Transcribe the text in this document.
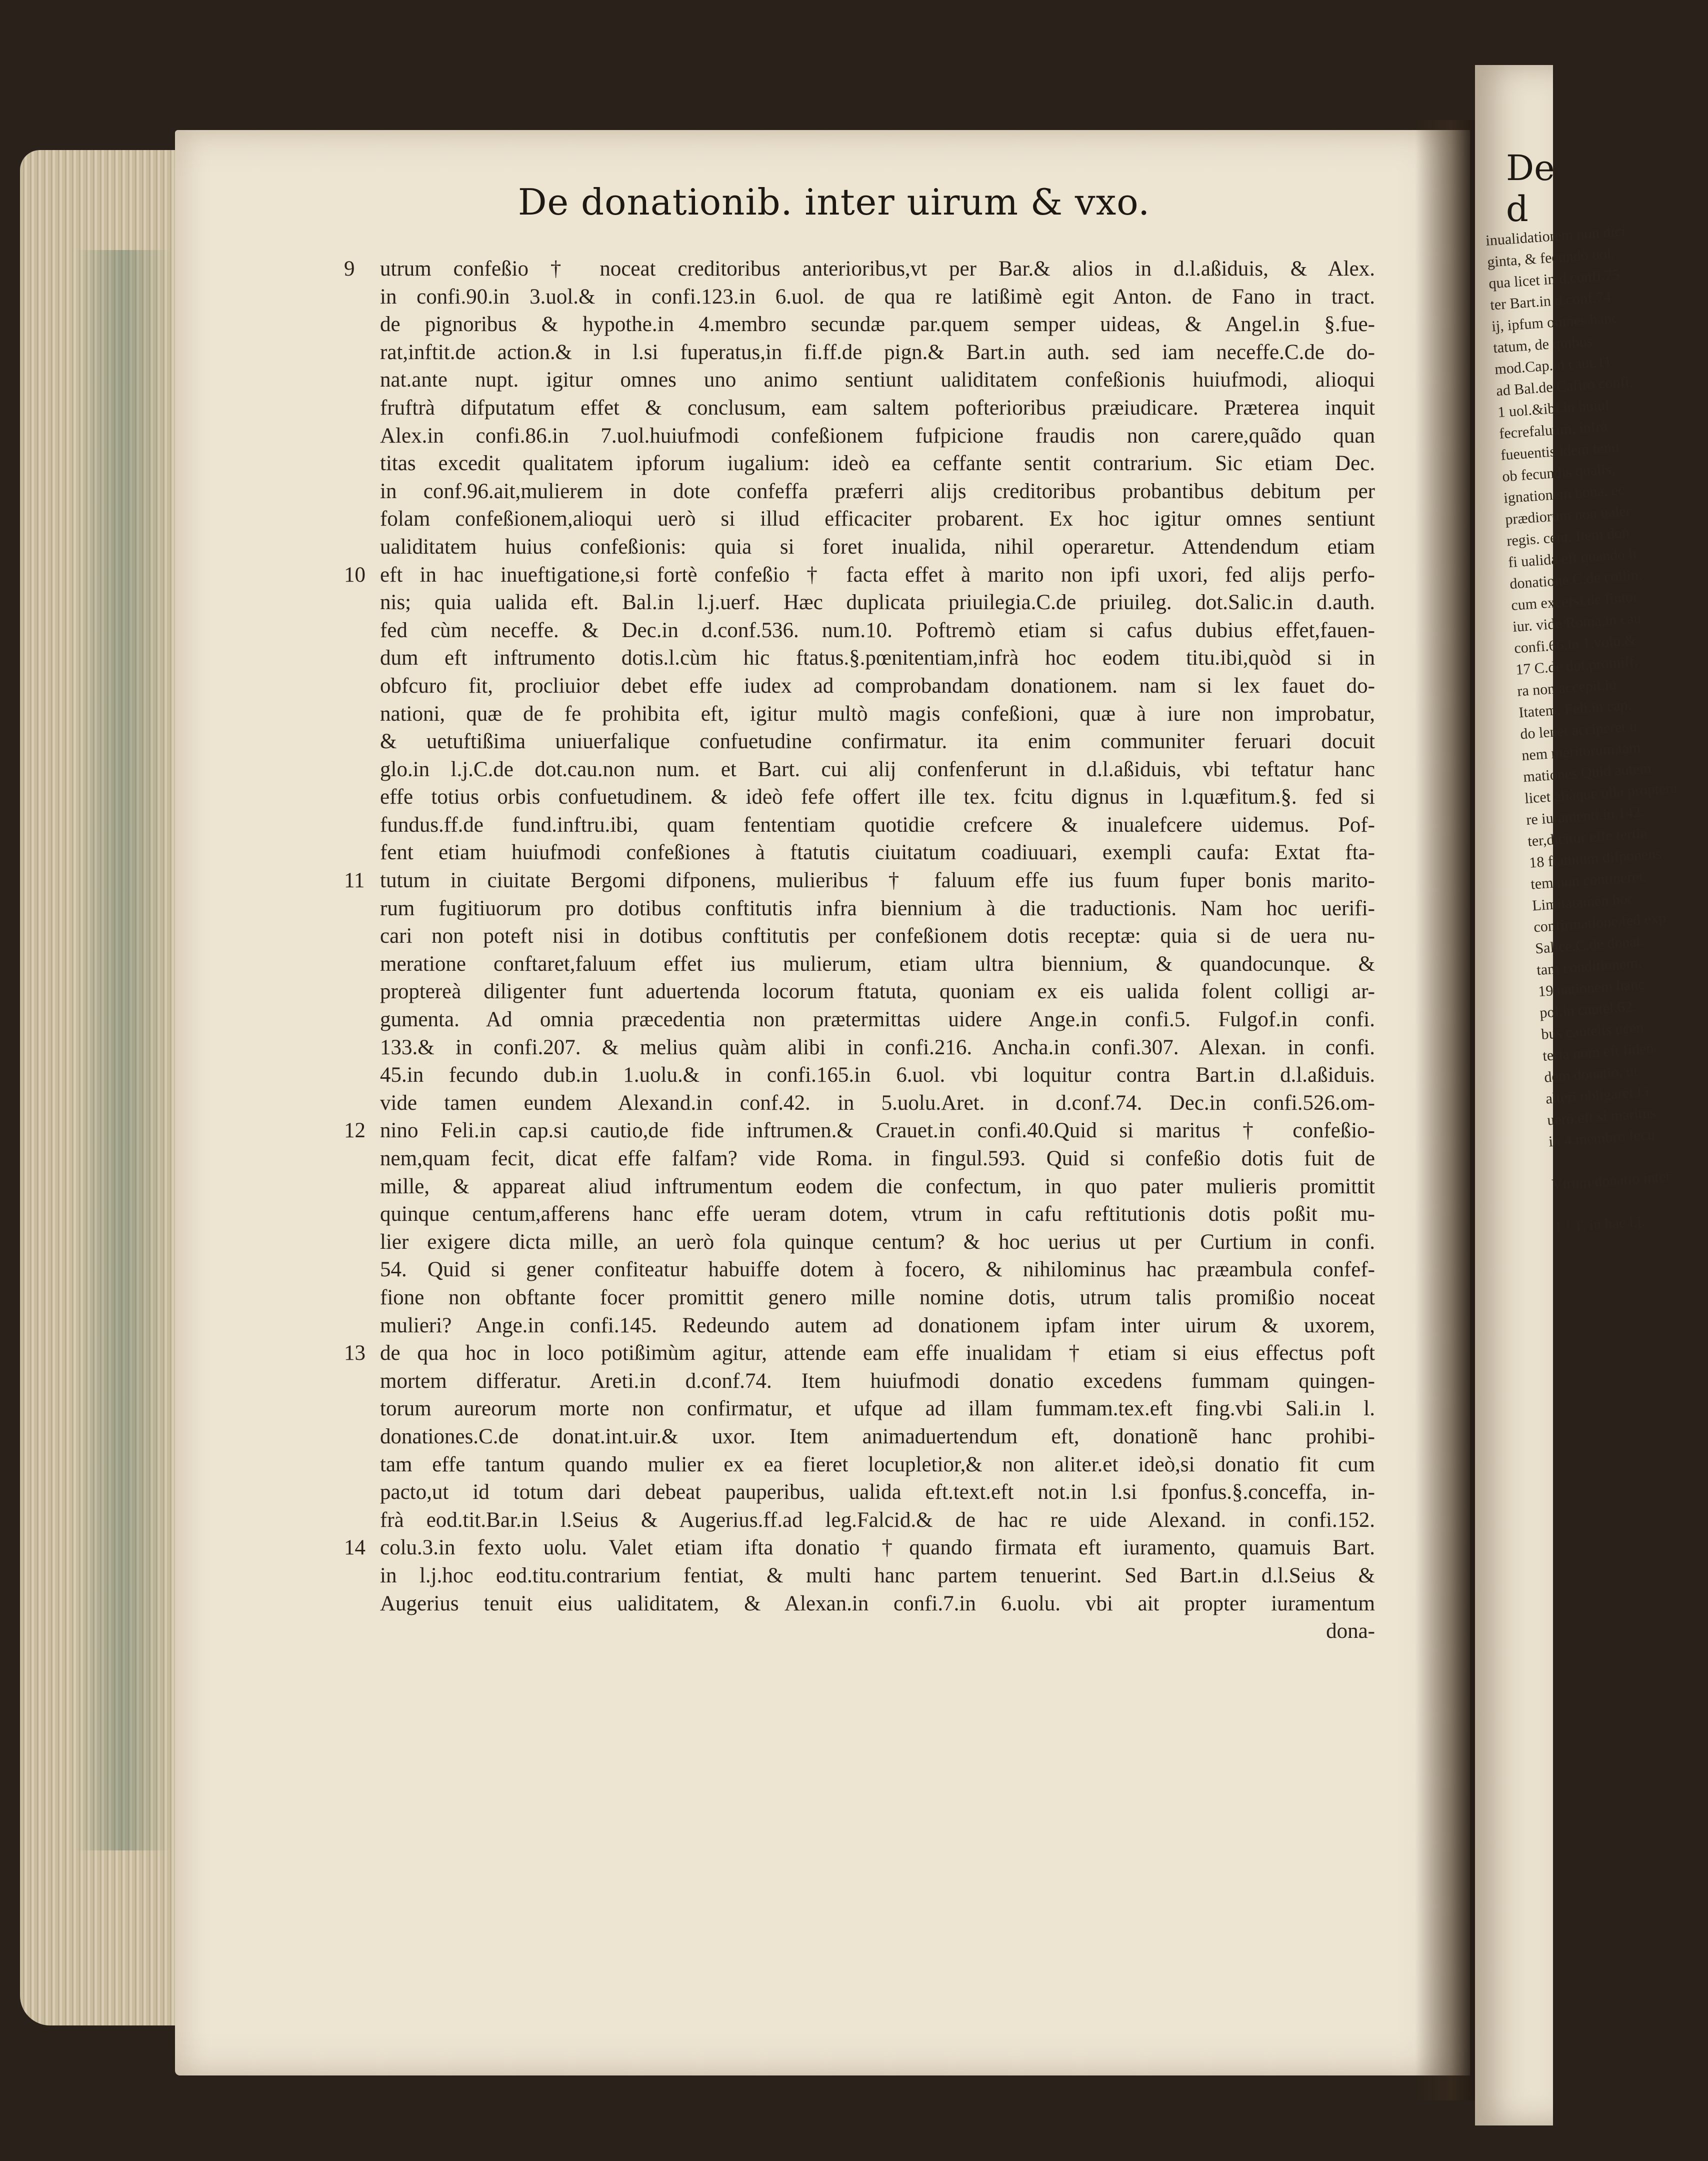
De d
inualidatiorem non dici
ginta, & fecundò uol.
qua licet in d.confi.75
ter Bart.in d.conf.74
ij, ipfum omnes hanc
tatum, de quibus
mod.Cap.in caut.11
ad Bal.de Cafiro confi.
1 uol.&ibi.in huiuf
fecrefaluum, infrà
fueuentis idem tenu
ob fecundis qualis,
ignationem bona, ec
prædiorum non ualer
regis. cent. Item don
fi ualida eft quando h
donatione.C.de collin.
cum excefsi.de fintor
iur. vide Roma.in cau
confi.66.in 1.volu.&
17 C.de dot.promiff.
ra non accepit,iu
Itatem. Feli.in cap.
do lenet acciperet u
nem meritorum,tam
mationes Quid autem
licet aliàque ulla proptera
re iuramenti.in.142.
ter,dicitur effe tertia
18 ftatutum difponens
tem non contineret.
Limitatamen hoc
confirmatione.fed exp
Salice.C.de donat.
tam conditionem,
19 nationem hanc
pol.in cautel.62.
bus cautelis ucen
teria nom eft fiden
dem donatio, ut
alteri obligaret.l.i
uerò eft si maritus
in 4.membro fecu

Vtrum donatio inter

1 ¹ T. in hac l.j.
De donationib. inter uirum & vxo.
9 utrum confeßio † noceat creditoribus anterioribus,vt per Bar.& alios in d.l.aßiduis, & Alex.
in confi.90.in 3.uol.& in confi.123.in 6.uol. de qua re latißimè egit Anton. de Fano in tract.
de pignoribus & hypothe.in 4.membro secundæ par.quem semper uideas, & Angel.in §.fue-
rat,inftit.de action.& in l.si fuperatus,in fi.ff.de pign.& Bart.in auth. sed iam neceffe.C.de do-
nat.ante nupt. igitur omnes uno animo sentiunt ualiditatem confeßionis huiufmodi, alioqui
fruftrà difputatum effet & conclusum, eam saltem pofterioribus præiudicare. Præterea inquit
Alex.in confi.86.in 7.uol.huiufmodi confeßionem fufpicione fraudis non carere,quãdo quan
titas excedit qualitatem ipforum iugalium: ideò ea ceffante sentit contrarium. Sic etiam Dec.
in conf.96.ait,mulierem in dote confeffa præferri alijs creditoribus probantibus debitum per
folam confeßionem,alioqui uerò si illud efficaciter probarent. Ex hoc igitur omnes sentiunt
ualiditatem huius confeßionis: quia si foret inualida, nihil operaretur. Attendendum etiam
10 eft in hac inueftigatione,si fortè confeßio † facta effet à marito non ipfi uxori, fed alijs perfo-
nis; quia ualida eft. Bal.in l.j.uerf. Hæc duplicata priuilegia.C.de priuileg. dot.Salic.in d.auth.
fed cùm neceffe. & Dec.in d.conf.536. num.10. Poftremò etiam si cafus dubius effet,fauen-
dum eft inftrumento dotis.l.cùm hic ftatus.§.pœnitentiam,infrà hoc eodem titu.ibi,quòd si in
obfcuro fit, procliuior debet effe iudex ad comprobandam donationem. nam si lex fauet do-
nationi, quæ de fe prohibita eft, igitur multò magis confeßioni, quæ à iure non improbatur,
& uetuftißima uniuerfalique confuetudine confirmatur. ita enim communiter feruari docuit
glo.in l.j.C.de dot.cau.non num. et Bart. cui alij confenferunt in d.l.aßiduis, vbi teftatur hanc
effe totius orbis confuetudinem. & ideò fefe offert ille tex. fcitu dignus in l.quæfitum.§. fed si
fundus.ff.de fund.inftru.ibi, quam fententiam quotidie crefcere & inualefcere uidemus. Pof-
fent etiam huiufmodi confeßiones à ftatutis ciuitatum coadiuuari, exempli caufa: Extat fta-
11 tutum in ciuitate Bergomi difponens, mulieribus † faluum effe ius fuum fuper bonis marito-
rum fugitiuorum pro dotibus conftitutis infra biennium à die traductionis. Nam hoc uerifi-
cari non poteft nisi in dotibus conftitutis per confeßionem dotis receptæ: quia si de uera nu-
meratione conftaret,faluum effet ius mulierum, etiam ultra biennium, & quandocunque. &
proptereà diligenter funt aduertenda locorum ftatuta, quoniam ex eis ualida folent colligi ar-
gumenta. Ad omnia præcedentia non prætermittas uidere Ange.in confi.5. Fulgof.in confi.
133.& in confi.207. & melius quàm alibi in confi.216. Ancha.in confi.307. Alexan. in confi.
45.in fecundo dub.in 1.uolu.& in confi.165.in 6.uol. vbi loquitur contra Bart.in d.l.aßiduis.
vide tamen eundem Alexand.in conf.42. in 5.uolu.Aret. in d.conf.74. Dec.in confi.526.om-
12 nino Feli.in cap.si cautio,de fide inftrumen.& Crauet.in confi.40.Quid si maritus † confeßio-
nem,quam fecit, dicat effe falfam? vide Roma. in fingul.593. Quid si confeßio dotis fuit de
mille, & appareat aliud inftrumentum eodem die confectum, in quo pater mulieris promittit
quinque centum,afferens hanc effe ueram dotem, vtrum in cafu reftitutionis dotis poßit mu-
lier exigere dicta mille, an uerò fola quinque centum? & hoc uerius ut per Curtium in confi.
54. Quid si gener confiteatur habuiffe dotem à focero, & nihilominus hac præambula confef-
fione non obftante focer promittit genero mille nomine dotis, utrum talis promißio noceat
mulieri? Ange.in confi.145. Redeundo autem ad donationem ipfam inter uirum & uxorem,
13 de qua hoc in loco potißimùm agitur, attende eam effe inualidam † etiam si eius effectus poft
mortem differatur. Areti.in d.conf.74. Item huiufmodi donatio excedens fummam quingen-
torum aureorum morte non confirmatur, et ufque ad illam fummam.tex.eft fing.vbi Sali.in l.
donationes.C.de donat.int.uir.& uxor. Item animaduertendum eft, donationẽ hanc prohibi-
tam effe tantum quando mulier ex ea fieret locupletior,& non aliter.et ideò,si donatio fit cum
pacto,ut id totum dari debeat pauperibus, ualida eft.text.eft not.in l.si fponfus.§.conceffa, in-
frà eod.tit.Bar.in l.Seius & Augerius.ff.ad leg.Falcid.& de hac re uide Alexand. in confi.152.
14 colu.3.in fexto uolu. Valet etiam ifta donatio †quando firmata eft iuramento, quamuis Bart.
in l.j.hoc eod.titu.contrarium fentiat, & multi hanc partem tenuerint. Sed Bart.in d.l.Seius &
Augerius tenuit eius ualiditatem, & Alexan.in confi.7.in 6.uolu. vbi ait propter iuramentum
dona-
